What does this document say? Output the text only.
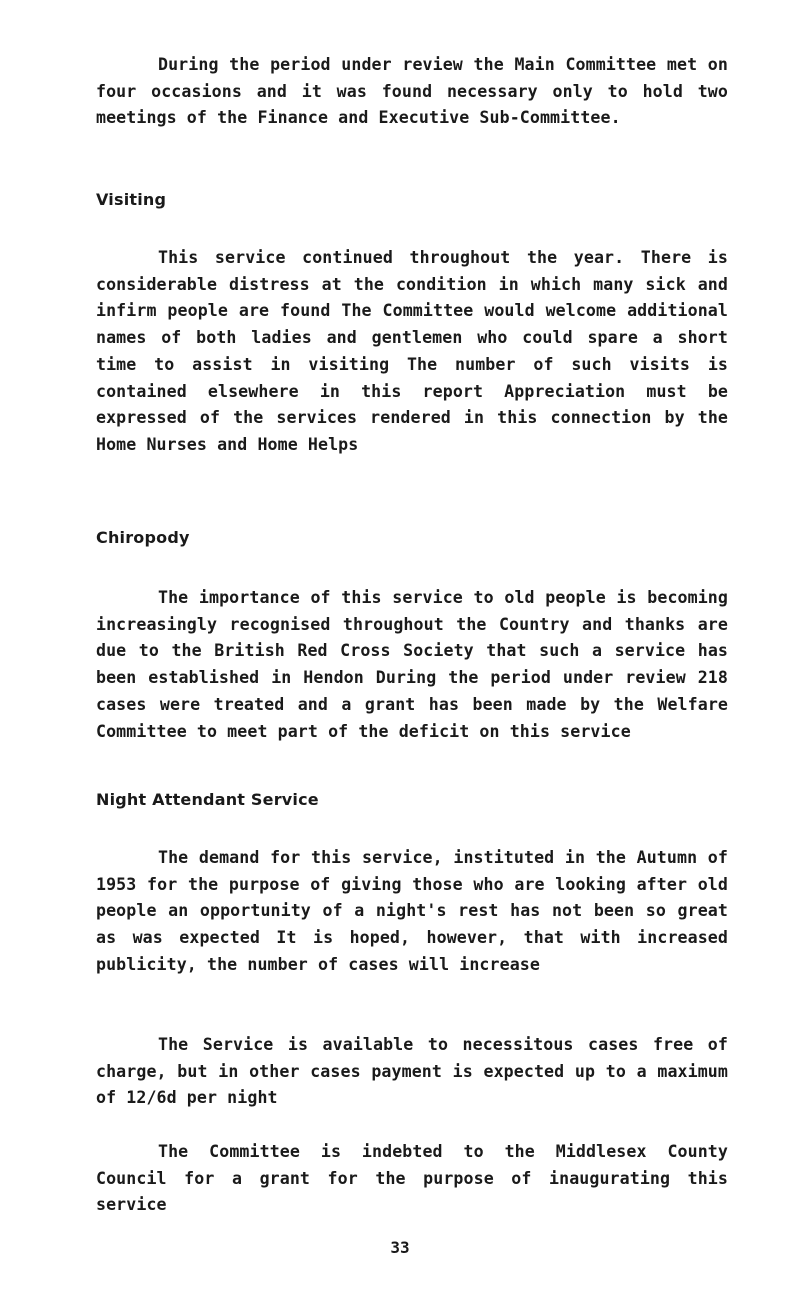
During the period under review the Main Committee met on four occasions and it was found necessary only to hold two meetings of the Finance and Executive Sub-Committee.

Visiting

This service continued throughout the year. There is considerable distress at the condition in which many sick and infirm people are found The Committee would welcome additional names of both ladies and gentlemen who could spare a short time to assist in visiting The number of such visits is contained elsewhere in this report Appreciation must be expressed of the services rendered in this connection by the Home Nurses and Home Helps

Chiropody

The importance of this service to old people is becoming increasingly recognised throughout the Country and thanks are due to the British Red Cross Society that such a service has been established in Hendon During the period under review 218 cases were treated and a grant has been made by the Welfare Committee to meet part of the deficit on this service

Night Attendant Service

The demand for this service, instituted in the Autumn of 1953 for the purpose of giving those who are looking after old people an opportunity of a night's rest has not been so great as was expected It is hoped, however, that with increased publicity, the number of cases will increase

The Service is available to necessitous cases free of charge, but in other cases payment is expected up to a maximum of 12/6d per night

The Committee is indebted to the Middlesex County Council for a grant for the purpose of inaugurating this service

33
